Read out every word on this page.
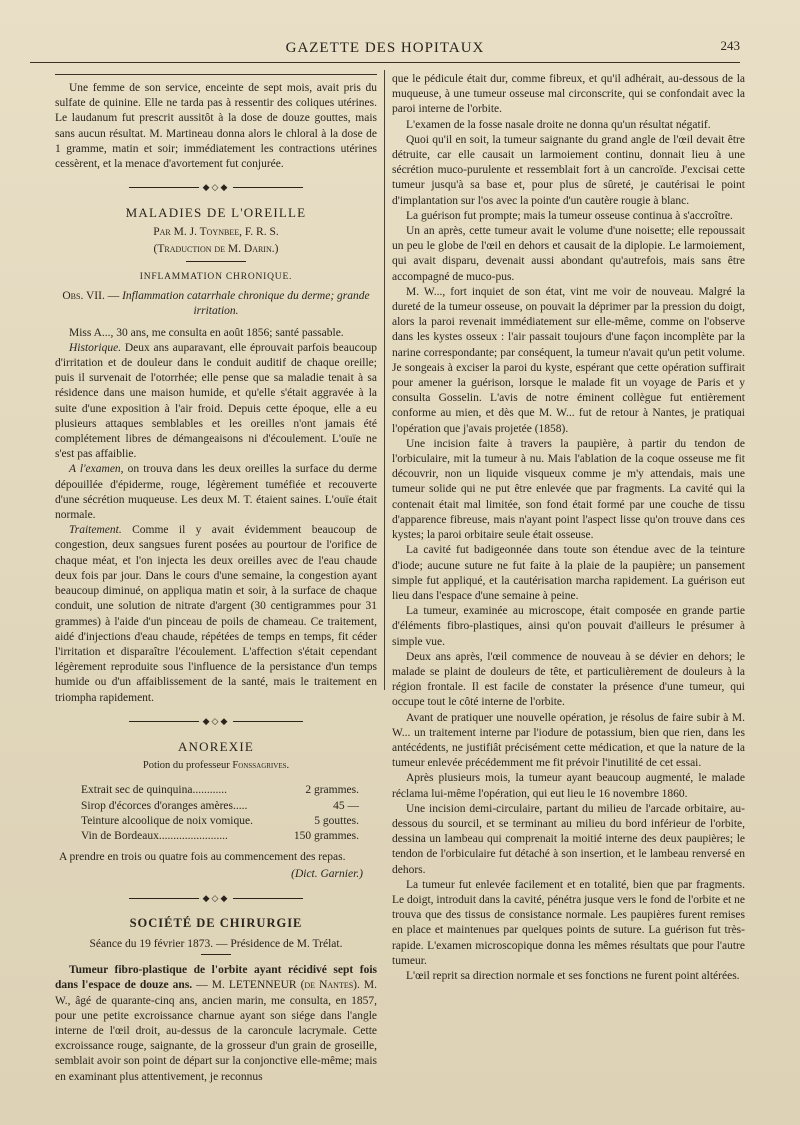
GAZETTE DES HOPITAUX	243

Une femme de son service, enceinte de sept mois, avait pris du sulfate de quinine. Elle ne tarda pas à ressentir des coliques utérines. Le laudanum fut prescrit aussitôt à la dose de douze gouttes, mais sans aucun résultat. M. Martineau donna alors le chloral à la dose de 1 gramme, matin et soir; immédiatement les contractions utérines cessèrent, et la menace d'avortement fut conjurée.

◆◇◆
MALADIES DE L'OREILLE
Par M. J. Toynbee, F. R. S.
(Traduction de M. Darin.)
INFLAMMATION CHRONIQUE.

Obs. VII. — Inflammation catarrhale chronique du derme; grande irritation.

Miss A..., 30 ans, me consulta en août 1856; santé passable.

Historique. Deux ans auparavant, elle éprouvait parfois beaucoup d'irritation et de douleur dans le conduit auditif de chaque oreille; puis il survenait de l'otorrhée; elle pense que sa maladie tenait à sa résidence dans une maison humide, et qu'elle s'était aggravée à la suite d'une exposition à l'air froid. Depuis cette époque, elle a eu plusieurs attaques semblables et les oreilles n'ont jamais été complétement libres de démangeaisons ni d'écoulement. L'ouïe ne s'est pas affaiblie.

A l'examen, on trouva dans les deux oreilles la surface du derme dépouillée d'épiderme, rouge, légèrement tuméfiée et recouverte d'une sécrétion muqueuse. Les deux M. T. étaient saines. L'ouïe était normale.

Traitement. Comme il y avait évidemment beaucoup de congestion, deux sangsues furent posées au pourtour de l'orifice de chaque méat, et l'on injecta les deux oreilles avec de l'eau chaude deux fois par jour. Dans le cours d'une semaine, la congestion ayant beaucoup diminué, on appliqua matin et soir, à la surface de chaque conduit, une solution de nitrate d'argent (30 centigrammes pour 31 grammes) à l'aide d'un pinceau de poils de chameau. Ce traitement, aidé d'injections d'eau chaude, répétées de temps en temps, fit céder l'irritation et disparaître l'écoulement. L'affection s'était cependant légèrement reproduite sous l'influence de la persistance d'un temps humide ou d'un affaiblissement de la santé, mais le traitement en triompha rapidement.

◆◇◆
ANOREXIE
Potion du professeur Fonssagrives.
Extrait sec de quinquina............	2 grammes.
Sirop d'écorces d'oranges amères.....	45 —
Teinture alcoolique de noix vomique.	5 gouttes.
Vin de Bordeaux........................	150 grammes.

A prendre en trois ou quatre fois au commencement des repas.

(Dict. Garnier.)
◆◇◆
SOCIÉTÉ DE CHIRURGIE
Séance du 19 février 1873. — Présidence de M. Trélat.

Tumeur fibro-plastique de l'orbite ayant récidivé sept fois dans l'espace de douze ans. — M. LETENNEUR (de Nantes). M. W., âgé de quarante-cinq ans, ancien marin, me consulta, en 1857, pour une petite excroissance charnue ayant son siége dans l'angle interne de l'œil droit, au-dessus de la caroncule lacrymale. Cette excroissance rouge, saignante, de la grosseur d'un grain de groseille, semblait avoir son point de départ sur la conjonctive elle-même; mais en examinant plus attentivement, je reconnus

que le pédicule était dur, comme fibreux, et qu'il adhérait, au-dessous de la muqueuse, à une tumeur osseuse mal circonscrite, qui se confondait avec la paroi interne de l'orbite.

L'examen de la fosse nasale droite ne donna qu'un résultat négatif.

Quoi qu'il en soit, la tumeur saignante du grand angle de l'œil devait être détruite, car elle causait un larmoiement continu, donnait lieu à une sécrétion muco-purulente et ressemblait fort à un cancroïde. J'excisai cette tumeur jusqu'à sa base et, pour plus de sûreté, je cautérisai le point d'implantation sur l'os avec la pointe d'un cautère rougie à blanc.

La guérison fut prompte; mais la tumeur osseuse continua à s'accroître.

Un an après, cette tumeur avait le volume d'une noisette; elle repoussait un peu le globe de l'œil en dehors et causait de la diplopie. Le larmoiement, qui avait disparu, devenait aussi abondant qu'autrefois, mais sans être accompagné de muco-pus.

M. W..., fort inquiet de son état, vint me voir de nouveau. Malgré la dureté de la tumeur osseuse, on pouvait la déprimer par la pression du doigt, alors la paroi revenait immédiatement sur elle-même, comme on l'observe dans les kystes osseux : l'air passait toujours d'une façon incomplète par la narine correspondante; par conséquent, la tumeur n'avait qu'un petit volume. Je songeais à exciser la paroi du kyste, espérant que cette opération suffirait pour amener la guérison, lorsque le malade fit un voyage de Paris et y consulta Gosselin. L'avis de notre éminent collègue fut entièrement conforme au mien, et dès que M. W... fut de retour à Nantes, je pratiquai l'opération que j'avais projetée (1858).

Une incision faite à travers la paupière, à partir du tendon de l'orbiculaire, mit la tumeur à nu. Mais l'ablation de la coque osseuse me fit découvrir, non un liquide visqueux comme je m'y attendais, mais une tumeur solide qui ne put être enlevée que par fragments. La cavité qui la contenait était mal limitée, son fond était formé par une couche de tissu d'apparence fibreuse, mais n'ayant point l'aspect lisse qu'on trouve dans ces kystes; la paroi orbitaire seule était osseuse.

La cavité fut badigeonnée dans toute son étendue avec de la teinture d'iode; aucune suture ne fut faite à la plaie de la paupière; un pansement simple fut appliqué, et la cautérisation marcha rapidement. La guérison eut lieu dans l'espace d'une semaine à peine.

La tumeur, examinée au microscope, était composée en grande partie d'éléments fibro-plastiques, ainsi qu'on pouvait d'ailleurs le présumer à simple vue.

Deux ans après, l'œil commence de nouveau à se dévier en dehors; le malade se plaint de douleurs de tête, et particulièrement de douleurs à la région frontale. Il est facile de constater la présence d'une tumeur, qui occupe tout le côté interne de l'orbite.

Avant de pratiquer une nouvelle opération, je résolus de faire subir à M. W... un traitement interne par l'iodure de potassium, bien que rien, dans les antécédents, ne justifiât précisément cette médication, et que la nature de la tumeur enlevée précédemment me fit prévoir l'inutilité de cet essai.

Après plusieurs mois, la tumeur ayant beaucoup augmenté, le malade réclama lui-même l'opération, qui eut lieu le 16 novembre 1860.

Une incision demi-circulaire, partant du milieu de l'arcade orbitaire, au-dessous du sourcil, et se terminant au milieu du bord inférieur de l'orbite, dessina un lambeau qui comprenait la moitié interne des deux paupières; le tendon de l'orbiculaire fut détaché à son insertion, et le lambeau renversé en dehors.

La tumeur fut enlevée facilement et en totalité, bien que par fragments. Le doigt, introduit dans la cavité, pénétra jusque vers le fond de l'orbite et ne trouva que des tissus de consistance normale. Les paupières furent remises en place et maintenues par quelques points de suture. La guérison fut très-rapide. L'examen microscopique donna les mêmes résultats que pour l'autre tumeur.

L'œil reprit sa direction normale et ses fonctions ne furent point altérées.
